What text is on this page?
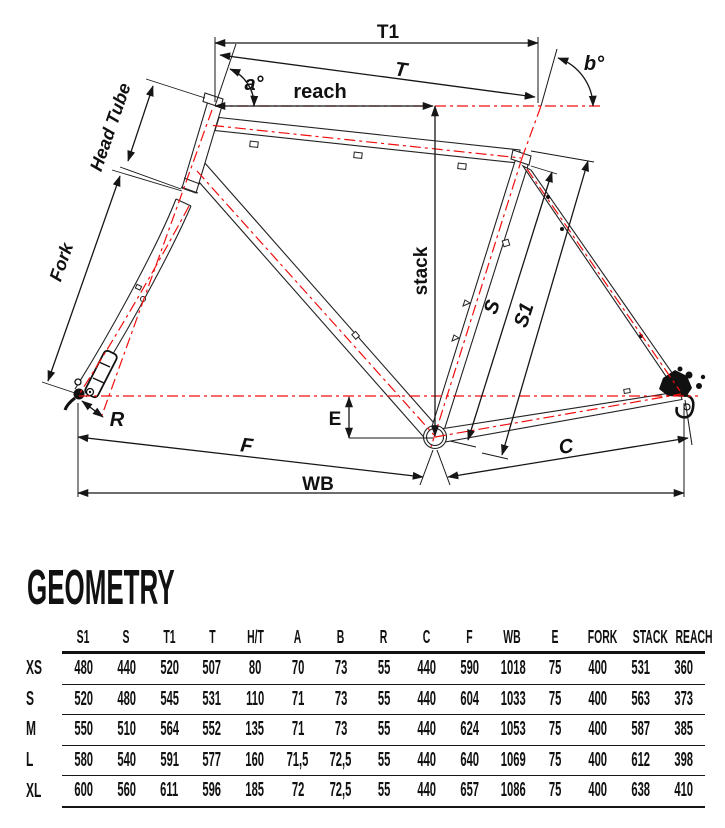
T1
T
a°
b°
reach
Head Tube
Fork	stack
S S1
R	E
F	C
WB
GEOMETRY
	S1	S	T1	T	H/T	A	B	R	C	F	WB	E	FORK	STACK	REACH
XS	480	440	520	507	80	70	73	55	440	590	1018	75	400	531	360
S	520	480	545	531	110	71	73	55	440	604	1033	75	400	563	373
M	550	510	564	552	135	71	73	55	440	624	1053	75	400	587	385
L	580	540	591	577	160	71,5	72,5	55	440	640	1069	75	400	612	398
XL	600	560	611	596	185	72	72,5	55	440	657	1086	75	400	638	410
